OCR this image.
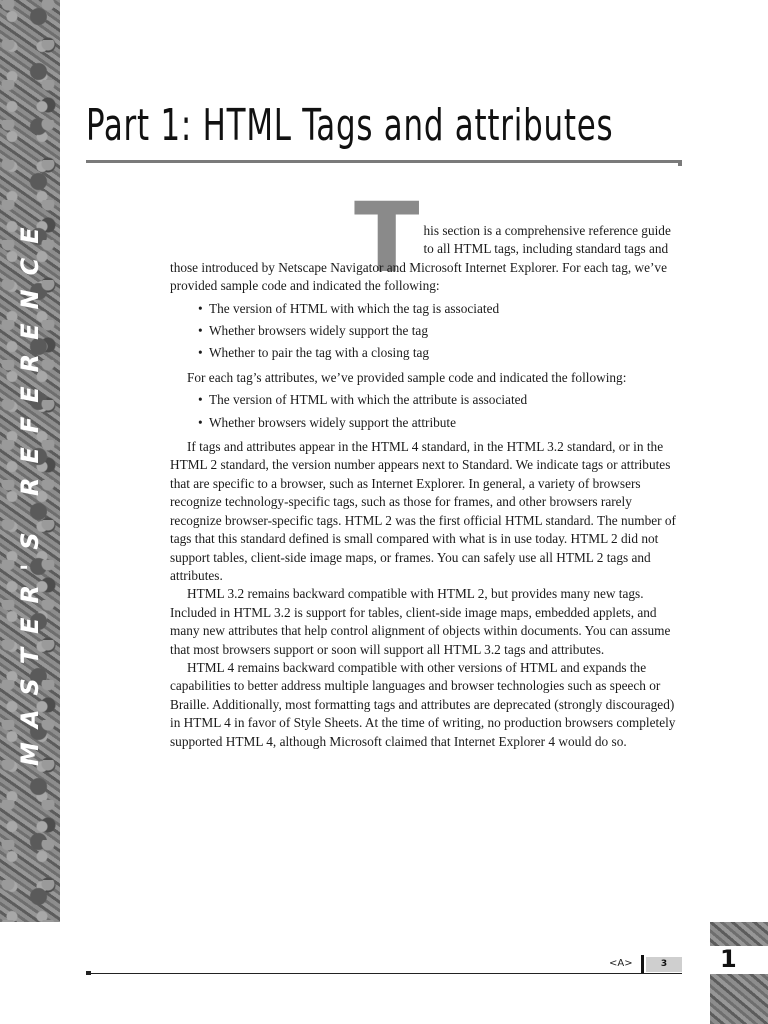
MASTER'S REFERENCE
Part 1: HTML Tags and attributes
T his section is a comprehensive reference guide to all HTML tags, including standard tags and those introduced by Netscape Navigator and Microsoft Internet Explorer. For each tag, we’ve provided sample code and indicated the following:
• The version of HTML with which the tag is associated
• Whether browsers widely support the tag
• Whether to pair the tag with a closing tag

For each tag’s attributes, we’ve provided sample code and indicated the following:

• The version of HTML with which the attribute is associated
• Whether browsers widely support the attribute

If tags and attributes appear in the HTML 4 standard, in the HTML 3.2 standard, or in the HTML 2 standard, the version number appears next to Standard. We indicate tags or attributes that are specific to a browser, such as Internet Explorer. In general, a variety of browsers recognize technology-specific tags, such as those for frames, and other browsers rarely recognize browser-specific tags. HTML 2 was the first official HTML standard. The number of tags that this standard defined is small compared with what is in use today. HTML 2 did not support tables, client-side image maps, or frames. You can safely use all HTML 2 tags and attributes.

HTML 3.2 remains backward compatible with HTML 2, but provides many new tags. Included in HTML 3.2 is support for tables, client-side image maps, embedded applets, and many new attributes that help control alignment of objects within documents. You can assume that most browsers support or soon will support all HTML 3.2 tags and attributes.

HTML 4 remains backward compatible with other versions of HTML and expands the capabilities to better address multiple languages and browser technologies such as speech or Braille. Additionally, most formatting tags and attributes are deprecated (strongly discouraged) in HTML 4 in favor of Style Sheets. At the time of writing, no production browsers completely supported HTML 4, although Microsoft claimed that Internet Explorer 4 would do so.

<A>	3	1
